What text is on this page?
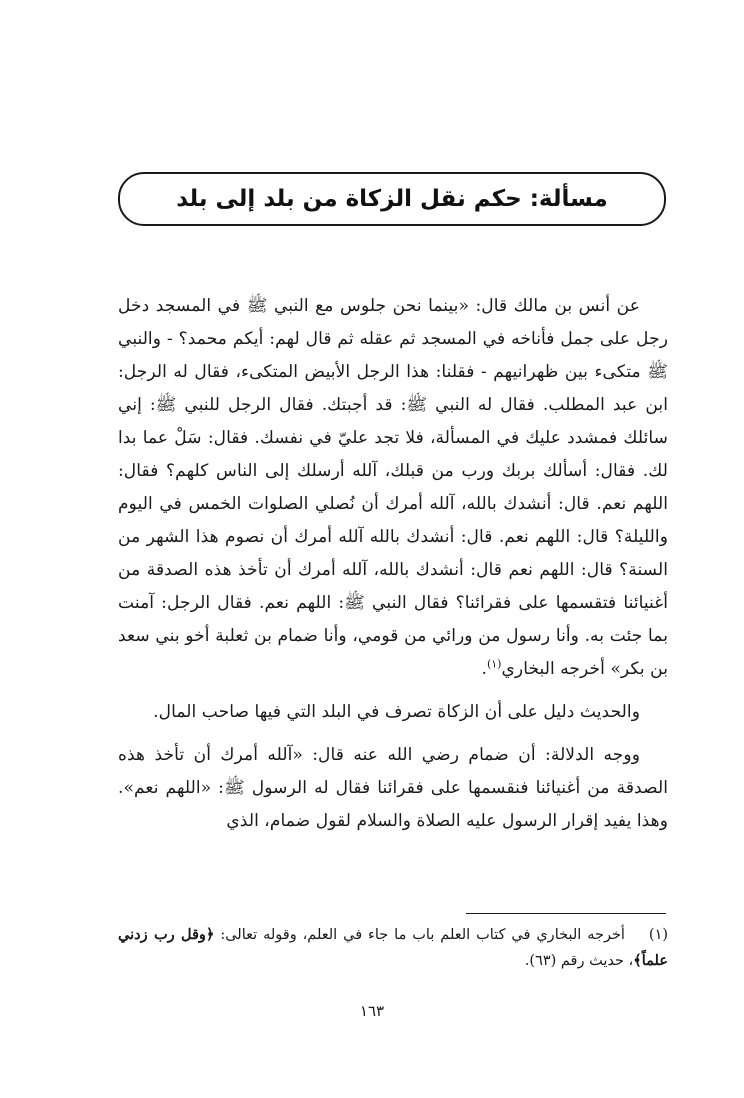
مسألة: حكم نقل الزكاة من بلد إلى بلد

عن أنس بن مالك قال: «بينما نحن جلوس مع النبي ﷺ في المسجد دخل رجل على جمل فأناخه في المسجد ثم عقله ثم قال لهم: أيكم محمد؟ - والنبي ﷺ متكىء بين ظهرانيهم - فقلنا: هذا الرجل الأبيض المتكىء، فقال له الرجل: ابن عبد المطلب. فقال له النبي ﷺ: قد أجبتك. فقال الرجل للنبي ﷺ: إني سائلك فمشدد عليك في المسألة، فلا تجد عليّ في نفسك. فقال: سَلْ عما بدا لك. فقال: أسألك بربك ورب من قبلك، آلله أرسلك إلى الناس كلهم؟ فقال: اللهم نعم. قال: أنشدك بالله، آلله أمرك أن نُصلي الصلوات الخمس في اليوم والليلة؟ قال: اللهم نعم. قال: أنشدك بالله آلله أمرك أن نصوم هذا الشهر من السنة؟ قال: اللهم نعم قال: أنشدك بالله، آلله أمرك أن تأخذ هذه الصدقة من أغنيائنا فتقسمها على فقرائنا؟ فقال النبي ﷺ: اللهم نعم. فقال الرجل: آمنت بما جئت به. وأنا رسول من ورائي من قومي، وأنا ضمام بن ثعلبة أخو بني سعد بن بكر» أخرجه البخاري$^{(١)}$.

والحديث دليل على أن الزكاة تصرف في البلد التي فيها صاحب المال.

ووجه الدلالة: أن ضمام رضي الله عنه قال: «آلله أمرك أن تأخذ هذه الصدقة من أغنيائنا فنقسمها على فقرائنا فقال له الرسول ﷺ: «اللهم نعم». وهذا يفيد إقرار الرسول عليه الصلاة والسلام لقول ضمام، الذي

(١) أخرجه البخاري في كتاب العلم باب ما جاء في العلم، وقوله تعالى: ﴿وقل رب زدني علماً﴾، حديث رقم (٦٣).
١٦٣
